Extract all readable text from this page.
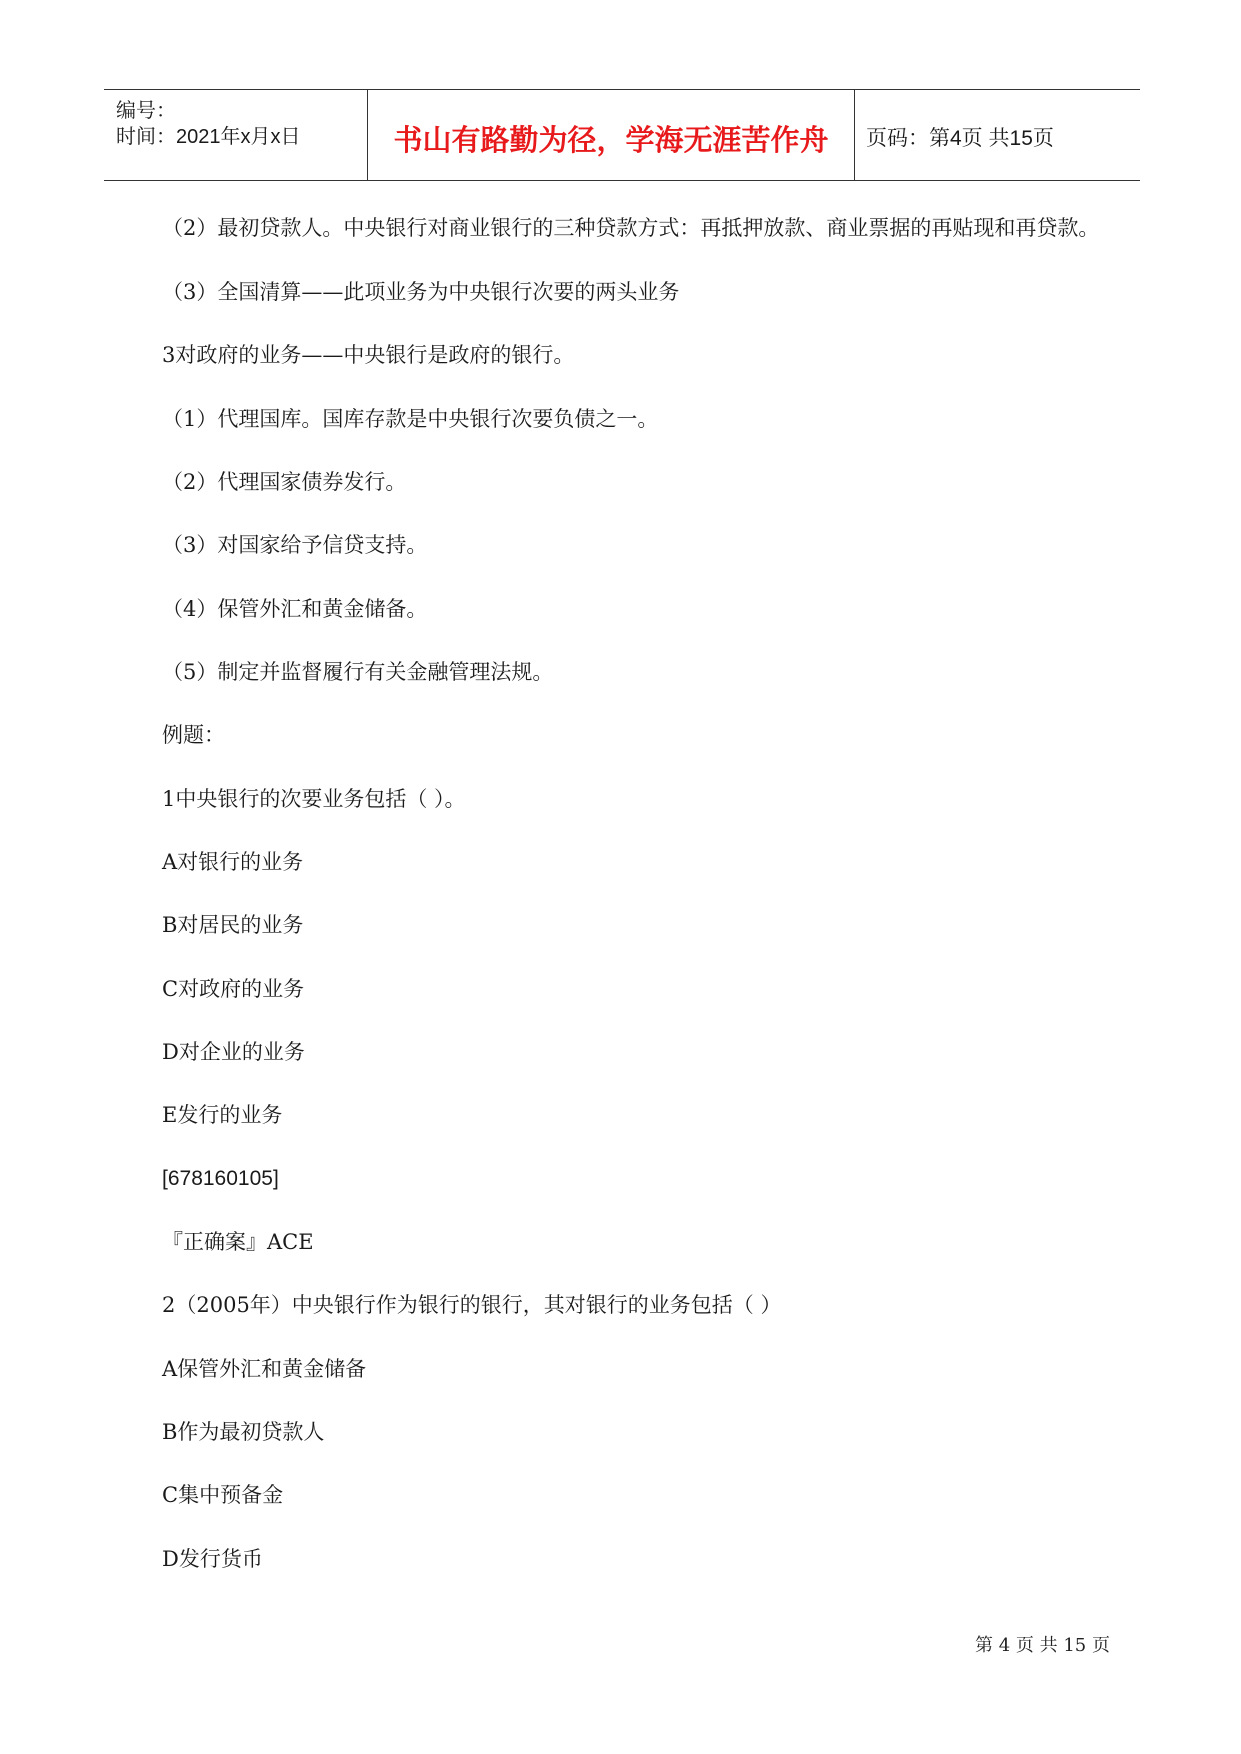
编号：
时间：2021年x月x日	书山有路勤为径，学海无涯苦作舟	页码：第4页 共15页
（2）最初贷款人。中央银行对商业银行的三种贷款方式：再抵押放款、商业票据的再贴现和再贷款。
（3）全国清算——此项业务为中央银行次要的两头业务
3对政府的业务——中央银行是政府的银行。
（1）代理国库。国库存款是中央银行次要负债之一。
（2）代理国家债券发行。
（3）对国家给予信贷支持。
（4）保管外汇和黄金储备。
（5）制定并监督履行有关金融管理法规。
例题：
1中央银行的次要业务包括（ ）。
A对银行的业务
B对居民的业务
C对政府的业务
D对企业的业务
E发行的业务
[678160105]
『正确案』ACE
2（2005年）中央银行作为银行的银行，其对银行的业务包括（ ）
A保管外汇和黄金储备
B作为最初贷款人
C集中预备金
D发行货币
第 4 页 共 15 页
